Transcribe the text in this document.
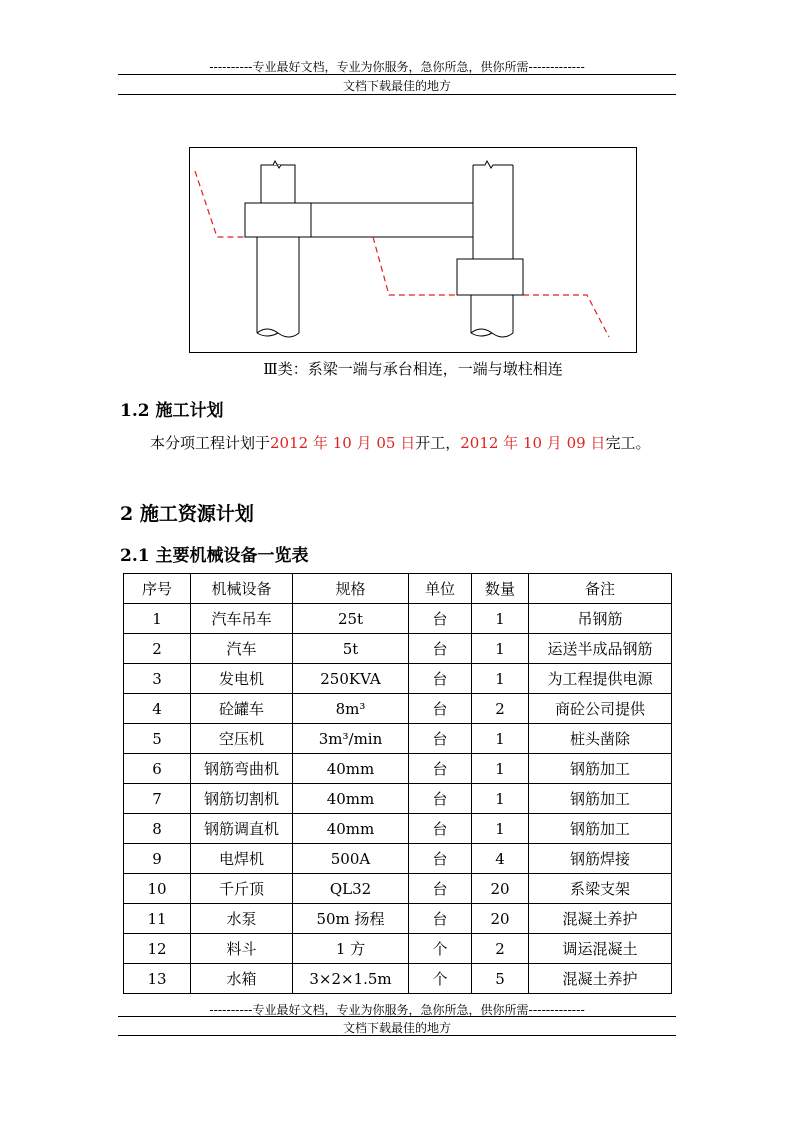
----------专业最好文档，专业为你服务，急你所急，供你所需-------------
文档下载最佳的地方
Ⅲ类：系梁一端与承台相连，一端与墩柱相连
1.2 施工计划
本分项工程计划于2012 年 10 月 05 日开工，2012 年 10 月 09 日完工。
2 施工资源计划
2.1 主要机械设备一览表
序号	机械设备	规格	单位	数量	备注
1	汽车吊车	25t	台	1	吊钢筋
2	汽车	5t	台	1	运送半成品钢筋
3	发电机	250KVA	台	1	为工程提供电源
4	砼罐车	8m³	台	2	商砼公司提供
5	空压机	3m³/min	台	1	桩头凿除
6	钢筋弯曲机	40mm	台	1	钢筋加工
7	钢筋切割机	40mm	台	1	钢筋加工
8	钢筋调直机	40mm	台	1	钢筋加工
9	电焊机	500A	台	4	钢筋焊接
10	千斤顶	QL32	台	20	系梁支架
11	水泵	50m 扬程	台	20	混凝土养护
12	料斗	1 方	个	2	调运混凝土
13	水箱	3×2×1.5m	个	5	混凝土养护
----------专业最好文档，专业为你服务，急你所急，供你所需-------------
文档下载最佳的地方
